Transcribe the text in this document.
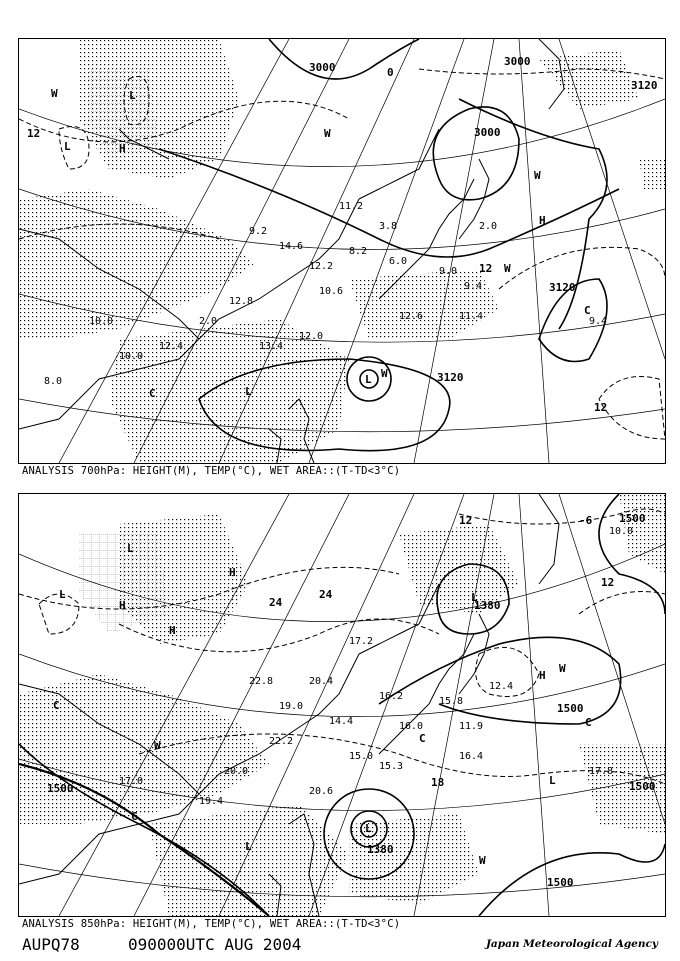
9.2
14.6
12.2
10.6
11.2
8.2
3.8
6.0
9.0
9.4
12.8
2.0
12.4
10.0
10.0
8.0
11.4
2.0
9.4
13.4
12.0
12.6
3000	3000
3120
3120
3120
3000
12
12
12
0
L
L
L
L
H
H
W
W
W
W
W
C
C
ANALYSIS 700hPa: HEIGHT(M), TEMP(°C), WET AREA::(T-TD<3°C)
22.8
19.0
20.4
14.4
17.2
16.2
16.0
15.8
11.9
12.4
20.0
19.4
17.0
15.0	16.4
17.8
10.0
22.2
20.6
15.3
1500
1500
1500	1500
1380
1380
1500
12
12
24
24
18
-6
L
L
L
L
L
L
H
H
H
H
W
W
W
C
C
C
C
ANALYSIS 850hPa: HEIGHT(M), TEMP(°C), WET AREA::(T-TD<3°C)
AUPQ78	090000UTC AUG 2004	Japan Meteorological Agency
